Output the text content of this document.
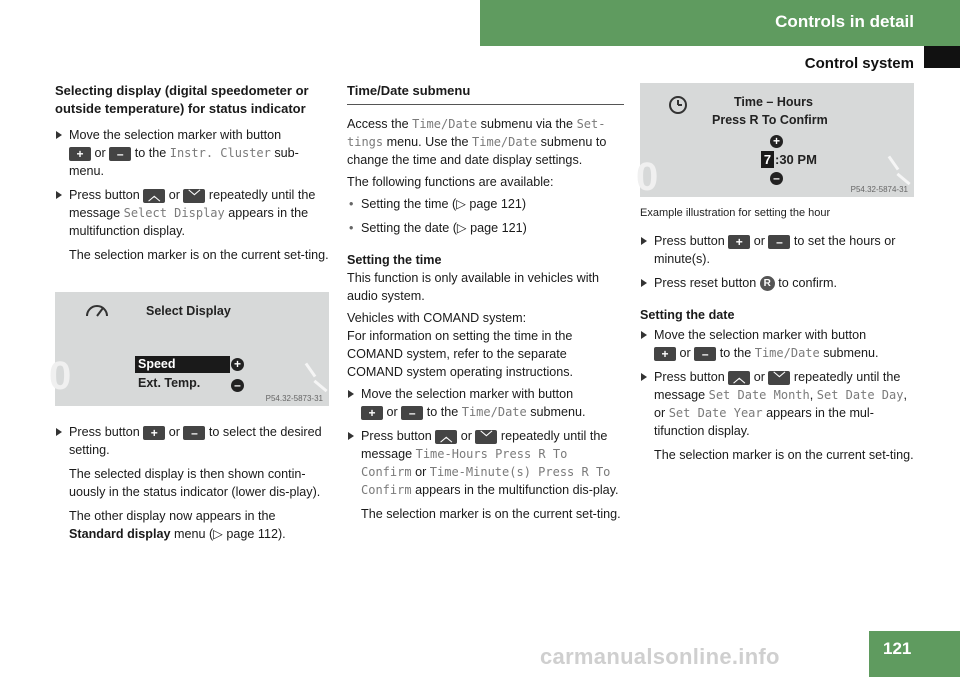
Controls in detail
Control system

Selecting display (digital speedometer or outside temperature) for status indicator

Move the selection marker with button
+ or – to the Instr. Cluster sub-menu.
Press button ︿ or ﹀ repeatedly until the message Select Display appears in the multifunction display.
The selection marker is on the current set-ting.
0
Select Display
Speed	+
Ext. Temp.	–
P54.32-5873-31
Press button + or – to select the desired setting.
The selected display is then shown contin-uously in the status indicator (lower dis-play).
The other display now appears in the Standard display menu (▷ page 112).
Time/Date submenu

Access the Time/Date submenu via the Set-tings menu. Use the Time/Date submenu to change the time and date display settings.

The following functions are available:

• Setting the time (▷ page 121)
• Setting the date (▷ page 121)

Setting the time

This function is only available in vehicles with audio system.

Vehicles with COMAND system:
For information on setting the time in the COMAND system, refer to the separate COMAND system operating instructions.

Move the selection marker with button
+ or – to the Time/Date submenu.
Press button ︿ or ﹀ repeatedly until the message Time-Hours Press R To Confirm or Time-Minute(s) Press R To Confirm appears in the multifunction dis-play.
The selection marker is on the current set-ting.
0
Time – Hours
Press R To Confirm
+
7 :30 PM
–
P54.32-5874-31
Example illustration for setting the hour
Press button + or – to set the hours or minute(s).
Press reset button R to confirm.

Setting the date

Move the selection marker with button
+ or – to the Time/Date submenu.
Press button ︿ or ﹀ repeatedly until the message Set Date Month, Set Date Day, or Set Date Year appears in the mul-tifunction display.
The selection marker is on the current set-ting.
121
carmanualsonline.info
